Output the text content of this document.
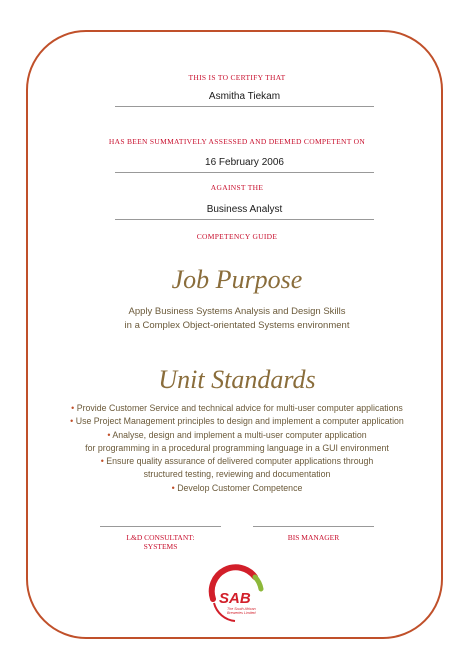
THIS IS TO CERTIFY THAT
Asmitha Tiekam
HAS BEEN SUMMATIVELY ASSESSED AND DEEMED COMPETENT ON
16 February 2006
AGAINST THE
Business Analyst
COMPETENCY GUIDE
Job Purpose
Apply Business Systems Analysis and Design Skills
in a Complex Object-orientated Systems environment
Unit Standards
• Provide Customer Service and technical advice for multi-user computer applications
• Use Project Management principles to design and implement a computer application
• Analyse, design and implement a multi-user computer application
for programming in a procedural programming language in a GUI environment
• Ensure quality assurance of delivered computer applications through
structured testing, reviewing and documentation
• Develop Customer Competence
L&D CONSULTANT:
SYSTEMS
BIS MANAGER
SAB
The South African
Breweries Limited
